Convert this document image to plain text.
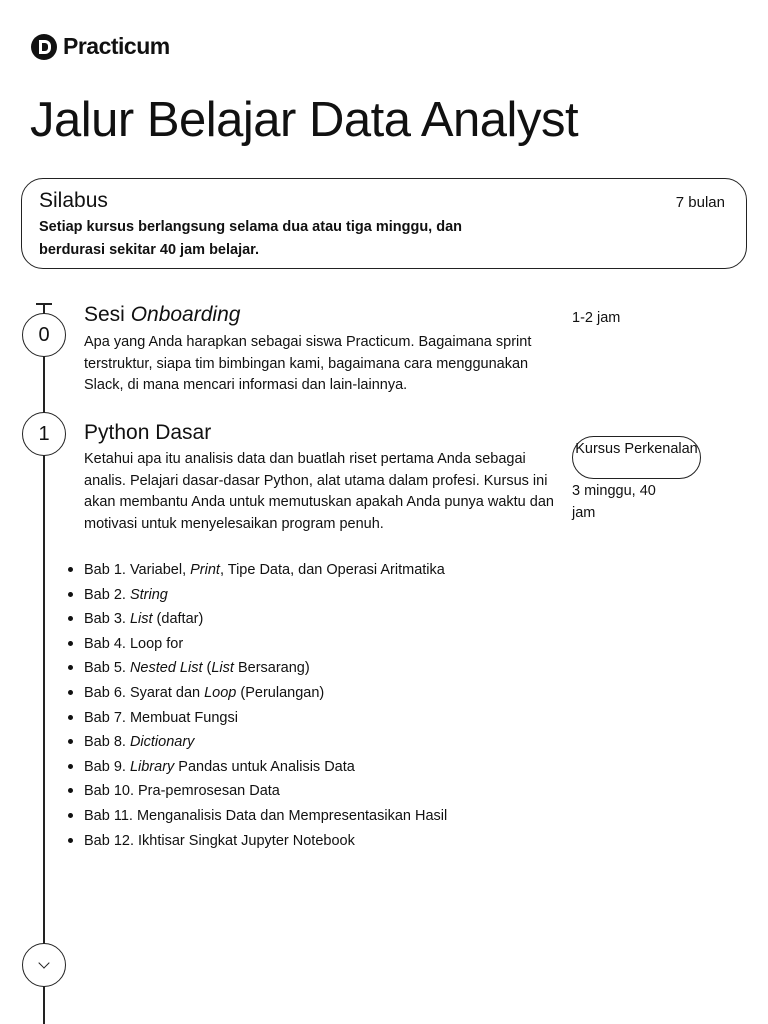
Practicum
Jalur Belajar Data Analyst
Silabus	7 bulan
Setiap kursus berlangsung selama dua atau tiga minggu, dan berdurasi sekitar 40 jam belajar.
0
Sesi Onboarding	1-2 jam
Apa yang Anda harapkan sebagai siswa Practicum. Bagaimana sprint terstruktur, siapa tim bimbingan kami, bagaimana cara menggunakan Slack, di mana mencari informasi dan lain-lainnya.
1	Python Dasar
Kursus Perkenalan
3 minggu, 40 jam
Ketahui apa itu analisis data dan buatlah riset pertama Anda sebagai analis. Pelajari dasar-dasar Python, alat utama dalam profesi. Kursus ini akan membantu Anda untuk memutuskan apakah Anda punya waktu dan motivasi untuk menyelesaikan program penuh.
Bab 1. Variabel, Print, Tipe Data, dan Operasi Aritmatika
Bab 2. String
Bab 3. List (daftar)
Bab 4. Loop for
Bab 5. Nested List (List Bersarang)
Bab 6. Syarat dan Loop (Perulangan)
Bab 7. Membuat Fungsi
Bab 8. Dictionary
Bab 9. Library Pandas untuk Analisis Data
Bab 10. Pra-pemrosesan Data
Bab 11. Menganalisis Data dan Mempresentasikan Hasil
Bab 12. Ikhtisar Singkat Jupyter Notebook
